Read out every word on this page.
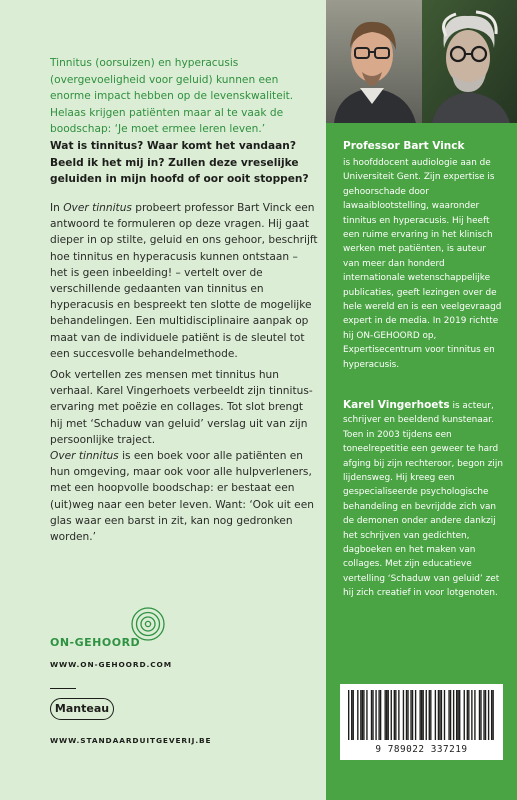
Tinnitus (oorsuizen) en hyperacusis (overgevoeligheid voor geluid) kunnen een enorme impact hebben op de levenskwaliteit. Helaas krijgen patiënten maar al te vaak de boodschap: ‘Je moet ermee leren leven.’
Wat is tinnitus? Waar komt het vandaan? Beeld ik het mij in? Zullen deze vreselijke geluiden in mijn hoofd of oor ooit stoppen?
In Over tinnitus probeert professor Bart Vinck een antwoord te formuleren op deze vragen. Hij gaat dieper in op stilte, geluid en ons gehoor, beschrijft hoe tinnitus en hyperacusis kunnen ontstaan – het is geen inbeelding! – vertelt over de verschillende gedaanten van tinnitus en hyperacusis en bespreekt ten slotte de mogelijke behandelingen. Een multidisciplinaire aanpak op maat van de individuele patiënt is de sleutel tot een succesvolle behandelmethode.
Ook vertellen zes mensen met tinnitus hun verhaal. Karel Vingerhoets verbeeldt zijn tinnitus-ervaring met poëzie en collages. Tot slot brengt hij met ‘Schaduw van geluid’ verslag uit van zijn persoonlijke traject.
Over tinnitus is een boek voor alle patiënten en hun omgeving, maar ook voor alle hulpverleners, met een hoopvolle boodschap: er bestaat een (uit)weg naar een beter leven. Want: ‘Ook uit een glas waar een barst in zit, kan nog gedronken worden.’
ON-GEHOORD
WWW.ON-GEHOORD.COM
Manteau
WWW.STANDAARDUITGEVERIJ.BE
Professor Bart Vinck
is hoofddocent audiologie aan de Universiteit Gent. Zijn expertise is gehoorschade door lawaaiblootstelling, waaronder tinnitus en hyperacusis. Hij heeft een ruime ervaring in het klinisch werken met patiënten, is auteur van meer dan honderd internationale wetenschappelijke publicaties, geeft lezingen over de hele wereld en is een veelgevraagd expert in de media. In 2019 richtte hij ON-GEHOORD op, Expertisecentrum voor tinnitus en hyperacusis.
Karel Vingerhoets is acteur, schrijver en beeldend kunstenaar. Toen in 2003 tijdens een toneelrepetitie een geweer te hard afging bij zijn rechteroor, begon zijn lijdensweg. Hij kreeg een gespecialiseerde psychologische behandeling en bevrijdde zich van de demonen onder andere dankzij het schrijven van gedichten, dagboeken en het maken van collages. Met zijn educatieve vertelling ‘Schaduw van geluid’ zet hij zich creatief in voor lotgenoten.
9 789022 337219
